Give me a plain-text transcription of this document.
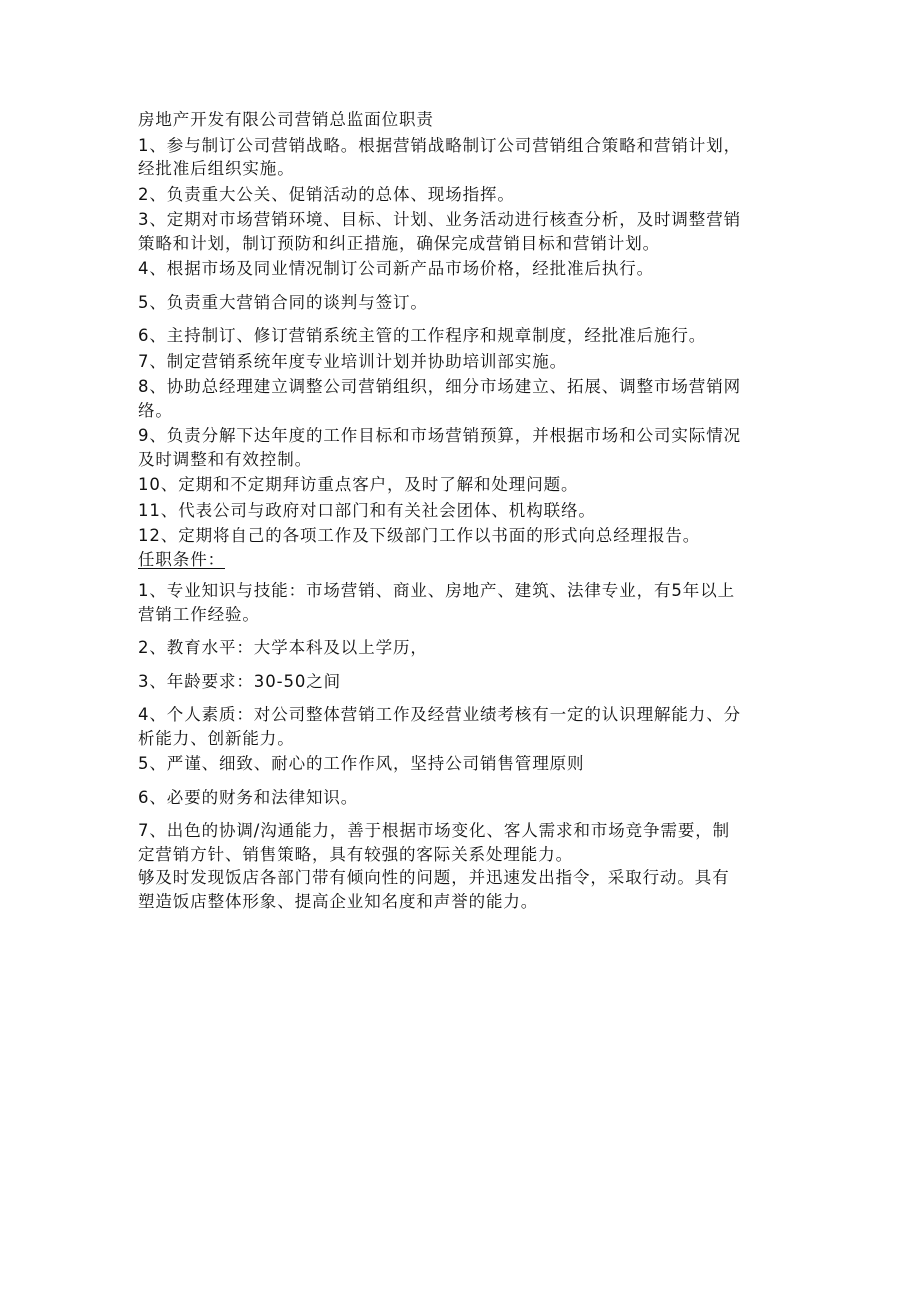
房地产开发有限公司营销总监面位职责
1、参与制订公司营销战略。根据营销战略制订公司营销组合策略和营销计划，
经批准后组织实施。
2、负责重大公关、促销活动的总体、现场指挥。
3、定期对市场营销环境、目标、计划、业务活动进行核查分析，及时调整营销
策略和计划，制订预防和纠正措施，确保完成营销目标和营销计划。
4、根据市场及同业情况制订公司新产品市场价格，经批准后执行。
5、负责重大营销合同的谈判与签订。
6、主持制订、修订营销系统主管的工作程序和规章制度，经批准后施行。
7、制定营销系统年度专业培训计划并协助培训部实施。
8、协助总经理建立调整公司营销组织，细分市场建立、拓展、调整市场营销网
络。
9、负责分解下达年度的工作目标和市场营销预算，并根据市场和公司实际情况
及时调整和有效控制。
10、定期和不定期拜访重点客户，及时了解和处理问题。
11、代表公司与政府对口部门和有关社会团体、机构联络。
12、定期将自己的各项工作及下级部门工作以书面的形式向总经理报告。
任职条件：
1、专业知识与技能：市场营销、商业、房地产、建筑、法律专业，有5年以上
营销工作经验。
2、教育水平：大学本科及以上学历，
3、年龄要求：30-50之间
4、个人素质：对公司整体营销工作及经营业绩考核有一定的认识理解能力、分
析能力、创新能力。
5、严谨、细致、耐心的工作作风，坚持公司销售管理原则
6、必要的财务和法律知识。
7、出色的协调/沟通能力，善于根据市场变化、客人需求和市场竞争需要，制
定营销方针、销售策略，具有较强的客际关系处理能力。
够及时发现饭店各部门带有倾向性的问题，并迅速发出指令，采取行动。具有
塑造饭店整体形象、提高企业知名度和声誉的能力。
